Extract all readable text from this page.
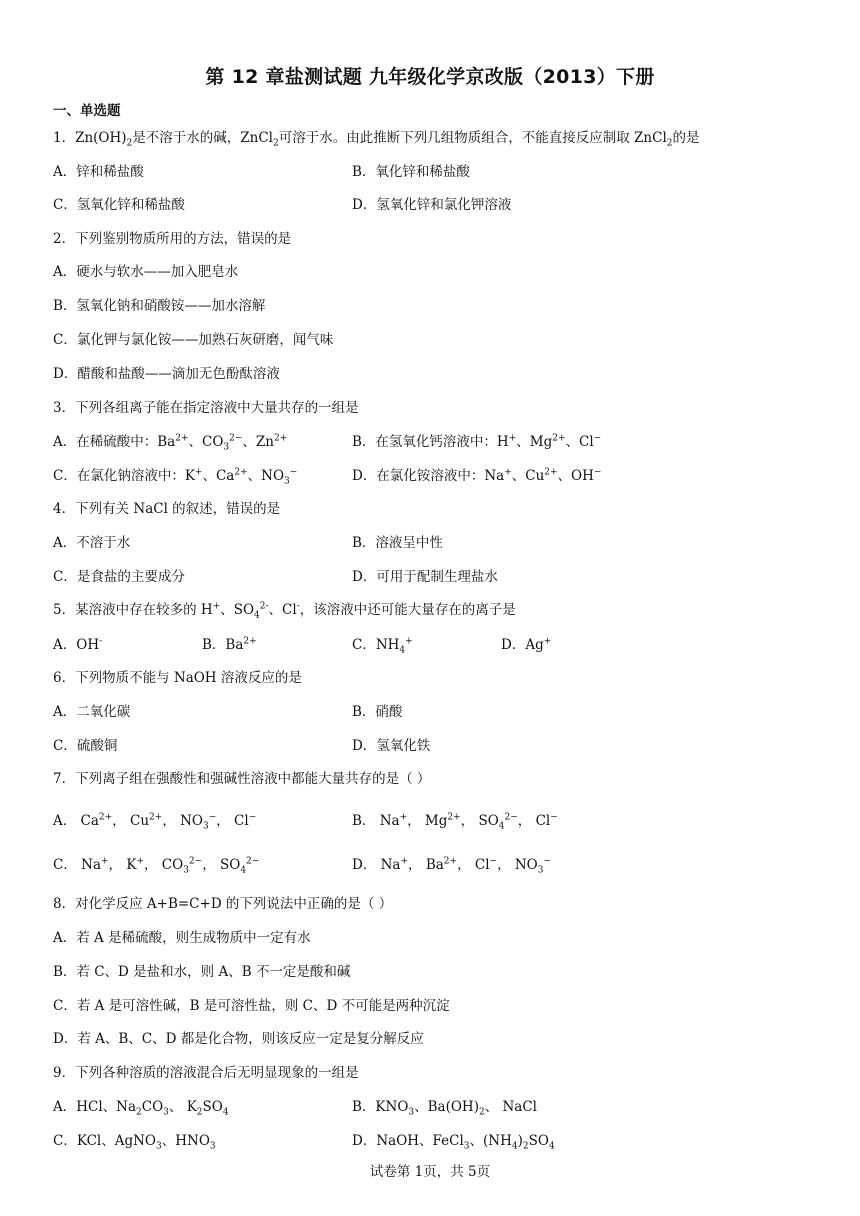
第 12 章盐测试题 九年级化学京改版（2013）下册
一、单选题
1．$Zn(OH)_2$是不溶于水的碱，ZnCl$_2$可溶于水。由此推断下列几组物质组合，不能直接反应制取 ZnCl$_2$的是
A．锌和稀盐酸	B．氧化锌和稀盐酸
C．氢氧化锌和稀盐酸	D．氢氧化锌和氯化钾溶液
2．下列鉴别物质所用的方法，错误的是
A．硬水与软水——加入肥皂水
B．氢氧化钠和硝酸铵——加水溶解
C．氯化钾与氯化铵——加熟石灰研磨，闻气味
D．醋酸和盐酸——滴加无色酚酞溶液
3．下列各组离子能在指定溶液中大量共存的一组是
A．在稀硫酸中：$Ba^{2+}$、$CO_3^{2-}$、$Zn^{2+}$	B．在氢氧化钙溶液中：H+、$Mg^{2+}$、Cl−
C．在氯化钠溶液中：K+、$Ca^{2+}$、$NO_3^-$	D．在氯化铵溶液中：Na+、$Cu^{2+}$、OH−
4．下列有关 NaCl 的叙述，错误的是
A．不溶于水	B．溶液呈中性
C．是食盐的主要成分	D．可用于配制生理盐水
5．某溶液中存在较多的 H+、$SO_4^{2-}$、Cl-，该溶液中还可能大量存在的离子是
A．OH-	B．$Ba^{2+}$	C．$NH_4^+$	D．Ag+
6．下列物质不能与 NaOH 溶液反应的是
A．二氧化碳	B．硝酸
C．硫酸铜	D．氢氧化铁
7．下列离子组在强酸性和强碱性溶液中都能大量共存的是（ ）
A． $Ca^{2+}$， $Cu^{2+}$， $NO_3^-$， Cl−	B． Na+， $Mg^{2+}$， $SO_4^{2-}$， Cl−
C． Na+， K+， $CO_3^{2-}$， $SO_4^{2-}$	D． Na+， $Ba^{2+}$， Cl−， $NO_3^-$
8．对化学反应 A+B=C+D 的下列说法中正确的是（ ）
A．若 A 是稀硫酸，则生成物质中一定有水
B．若 C、D 是盐和水，则 A、B 不一定是酸和碱
C．若 A 是可溶性碱，B 是可溶性盐，则 C、D 不可能是两种沉淀
D．若 A、B、C、D 都是化合物，则该反应一定是复分解反应
9．下列各种溶质的溶液混合后无明显现象的一组是
A．HCl、$Na_2CO_3$、 $K_2SO_4$	B．$KNO_3$、$Ba(OH)_2$、 NaCl
C．KCl、AgNO$_3$、$HNO_3$	D．NaOH、FeCl$_3$、$(NH_4)_2SO_4$
试卷第 1页，共 5页
